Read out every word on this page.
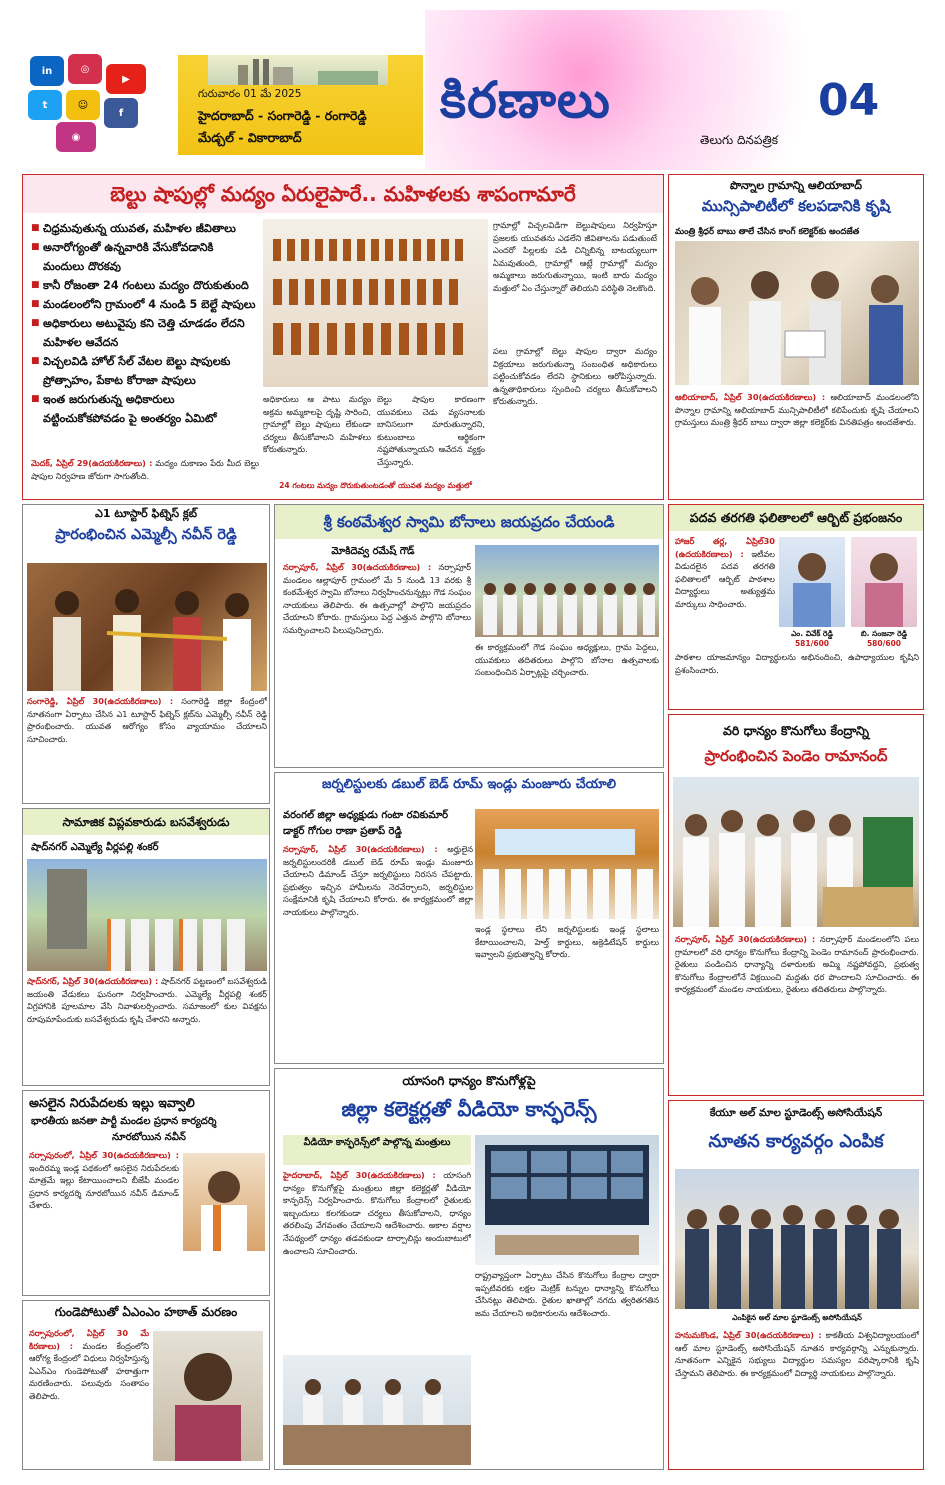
in	◎
▶
t	☺
f
◉
గురువారం 01 మే 2025
హైదరాబాద్ - సంగారెడ్డి - రంగారెడ్డి
మేడ్చల్ - వికారాబాద్
కిరణాలు
తెలుగు దినపత్రిక
04
బెల్టు షాపుల్లో మద్యం ఏరులైపారే.. మహిళలకు శాపంగామారే
■ చిధ్రమవుతున్న యువత, మహిళల జీవితాలు
■ అనారోగ్యంతో ఉన్నవారికి వేసుకోవడానికి మందులు దొరకవు
■ కానీ రోజంతా 24 గంటలు మద్యం దొరుకుతుంది
■ మండలంలోని గ్రామంలో 4 నుండి 5 బెల్టే షాపులు
■ అధికారులు అటువైపు కని చెత్తి చూడడం లేదని మహిళల ఆవేదన
■ విచ్చలవిడి హోల్ సేల్ వేటల బెల్టు షాపులకు ప్రోత్సాహం, పేకాట కోరాజా షాపులు
■ ఇంత జరుగుతున్న అధికారులు వట్టించుకోకపోవడం పై అంతర్యం ఏమిటో
గ్రామాల్లో విచ్చలవిడిగా బెల్టుషాపులు నిర్వహిస్తూ ప్రజలకు యువతను ఎడలేని జీవితాలను పడుతుంటే ఎందరో పిల్లలకు పడి చిన్నిబిన్న బాటయ్యలుగా ఏమవుతుంది, గ్రామాల్లో ఆట్లే గ్రామాల్లో మద్యం అమ్మకాలు జరుగుతున్నాయి, ఇంటి బారు మద్యం మత్తులో ఏం చేస్తున్నారో తెలియని పరిస్థితి నెలకొంది.
అధికారులు ఆ పాటు మద్యం అక్రమ అమ్మకాలపై దృష్టి సారించి, గ్రామాల్లో బెల్టు షాపులు లేకుండా చర్యలు తీసుకోవాలని మహిళలు కోరుతున్నారు.
బెల్టు షాపుల కారణంగా యువకులు చెడు వ్యసనాలకు బానిసలుగా మారుతున్నారని, కుటుంబాలు ఆర్థికంగా నష్టపోతున్నాయని ఆవేదన వ్యక్తం చేస్తున్నారు.
పలు గ్రామాల్లో బెల్టు షాపుల ద్వారా మద్యం విక్రయాలు జరుగుతున్నా సంబంధిత అధికారులు పట్టించుకోవడం లేదని స్థానికులు ఆరోపిస్తున్నారు. ఉన్నతాధికారులు స్పందించి చర్యలు తీసుకోవాలని కోరుతున్నారు.
24 గంటలు మద్యం దొరుకుతుంటడంతో యువత మద్యం మత్తులో
మెదక్, ఏప్రిల్ 29(ఉదయకిరణాలు) : మద్యం దుకాణం పేరు మీద బెల్టు షాపుల నిర్వహణ జోరుగా సాగుతోంది.
పొన్నాల గ్రామాన్ని ఆలియాబాద్
మున్సిపాలిటీలో కలపడానికి కృషి
మంత్రి శ్రీధర్ బాబు తాలే చేసిన కాంగ్ కలెక్టర్‌కు అందజేత
ఆలియాబాద్, ఏప్రిల్ 30(ఉదయకిరణాలు) : ఆలియాబాద్ మండలంలోని పొన్నాల గ్రామాన్ని ఆలియాబాద్ మున్సిపాలిటీలో కలిపేందుకు కృషి చేయాలని గ్రామస్తులు మంత్రి శ్రీధర్ బాబు ద్వారా జిల్లా కలెక్టర్‌కు వినతిపత్రం అందజేశారు.
ఎ1 టూస్టార్ ఫిట్నెస్ క్లబ్
ప్రారంభించిన ఎమ్మెల్సీ నవీన్ రెడ్డి
సంగారెడ్డి, ఏప్రిల్ 30(ఉదయకిరణాలు) : సంగారెడ్డి జిల్లా కేంద్రంలో నూతనంగా ఏర్పాటు చేసిన ఎ1 టూస్టార్ ఫిట్నెస్ క్లబ్‌ను ఎమ్మెల్సీ నవీన్ రెడ్డి ప్రారంభించారు. యువత ఆరోగ్యం కోసం వ్యాయామం చేయాలని సూచించారు.
శ్రీ కంఠమేశ్వర స్వామి బోనాలు జయప్రదం చేయండి
మోకిదెవ్వ రమేష్ గౌడ్
నర్సాపూర్, ఏప్రిల్ 30(ఉదయకిరణాలు) : నర్సాపూర్ మండలం ఆల్లాపూర్ గ్రామంలో మే 5 నుండి 13 వరకు శ్రీ కంఠమేశ్వర స్వామి బోనాలు నిర్వహించనున్నట్లు గౌడ సంఘం నాయకులు తెలిపారు. ఈ ఉత్సవాల్లో పాల్గొని జయప్రదం చేయాలని కోరారు. గ్రామస్తులు పెద్ద ఎత్తున పాల్గొని బోనాలు సమర్పించాలని పిలుపునిచ్చారు.
ఈ కార్యక్రమంలో గౌడ సంఘం అధ్యక్షులు, గ్రామ పెద్దలు, యువకులు తదితరులు పాల్గొని బోనాల ఉత్సవాలకు సంబంధించిన ఏర్పాట్లపై చర్చించారు.
పదవ తరగతి ఫలితాలలో ఆర్బిట్ ప్రభంజనం
హాజర్ తర్ల, ఏప్రిల్30 (ఉదయకిరణాలు) : ఇటీవల విడుదలైన పదవ తరగతి ఫలితాలలో ఆర్బిట్ పాఠశాల విద్యార్థులు అత్యుత్తమ మార్కులు సాధించారు.
ఎం. వివేక్ రెడ్డి
581/600
బి. సంజనా రెడ్డి
580/600
పాఠశాల యాజమాన్యం విద్యార్థులను అభినందించి, ఉపాధ్యాయుల కృషిని ప్రశంసించారు.
వరి ధాన్యం కొనుగోలు కేంద్రాన్ని
ప్రారంభించిన పెండెం రామానంద్
నర్సాపూర్, ఏప్రిల్ 30(ఉదయకిరణాలు) : నర్సాపూర్ మండలంలోని పలు గ్రామాలలో వరి ధాన్యం కొనుగోలు కేంద్రాన్ని పెండెం రామానంద్ ప్రారంభించారు. రైతులు పండించిన ధాన్యాన్ని దళారులకు అమ్మి నష్టపోవద్దని, ప్రభుత్వ కొనుగోలు కేంద్రాలలోనే విక్రయించి మద్దతు ధర పొందాలని సూచించారు. ఈ కార్యక్రమంలో మండల నాయకులు, రైతులు తదితరులు పాల్గొన్నారు.
సామాజిక విప్లవకారుడు బసవేశ్వరుడు
షాద్‌నగర్ ఎమ్మెల్యే వీర్లపల్లి శంకర్
షాద్‌నగర్, ఏప్రిల్ 30(ఉదయకిరణాలు) : షాద్‌నగర్ పట్టణంలో బసవేశ్వరుడి జయంతి వేడుకలు ఘనంగా నిర్వహించారు. ఎమ్మెల్యే వీర్లపల్లి శంకర్ విగ్రహానికి పూలమాల వేసి నివాళులర్పించారు. సమాజంలో కుల వివక్షను రూపుమాపేందుకు బసవేశ్వరుడు కృషి చేశారని అన్నారు.
జర్నలిస్టులకు డబుల్ బెడ్ రూమ్ ఇండ్లు మంజూరు చేయాలి
వరంగల్ జిల్లా అధ్యక్షుడు గంటా రవికుమార్
డాక్టర్ గోగుల రాణా ప్రతాప్ రెడ్డి
నర్సాపూర్, ఏప్రిల్ 30(ఉదయకిరణాలు) : అర్హులైన జర్నలిస్టులందరికీ డబుల్ బెడ్ రూమ్ ఇండ్లు మంజూరు చేయాలని డిమాండ్ చేస్తూ జర్నలిస్టులు నిరసన చేపట్టారు. ప్రభుత్వం ఇచ్చిన హామీలను నెరవేర్చాలని, జర్నలిస్టుల సంక్షేమానికి కృషి చేయాలని కోరారు. ఈ కార్యక్రమంలో జిల్లా నాయకులు పాల్గొన్నారు.
ఇండ్ల స్థలాలు లేని జర్నలిస్టులకు ఇండ్ల స్థలాలు కేటాయించాలని, హెల్త్ కార్డులు, అక్రెడిటేషన్ కార్డులు ఇవ్వాలని ప్రభుత్వాన్ని కోరారు.
అసలైన నిరుపేదలకు ఇల్లు ఇవ్వాలి
భారతీయ జనతా పార్టీ మండల ప్రధాన కార్యదర్శి
నూరబోయిన నవీన్
నర్సాపురంలో, ఏప్రిల్ 30(ఉదయకిరణాలు) : ఇందిరమ్మ ఇండ్ల పథకంలో అసలైన నిరుపేదలకు మాత్రమే ఇల్లు కేటాయించాలని బీజేపీ మండల ప్రధాన కార్యదర్శి నూరబోయిన నవీన్ డిమాండ్ చేశారు.
గుండెపోటుతో ఏఎంఎం హఠాత్ మరణం
నర్సాపురంలో, ఏప్రిల్ 30 మే కిరణాలు) : మండల కేంద్రంలోని ఆరోగ్య కేంద్రంలో విధులు నిర్వహిస్తున్న ఏఎన్ఎం గుండెపోటుతో హఠాత్తుగా మరణించారు. పలువురు సంతాపం తెలిపారు.
యాసంగి ధాన్యం కొనుగోళ్లపై
జిల్లా కలెక్టర్లతో వీడియో కాన్ఫరెన్స్
వీడియో కాన్ఫరెన్స్‌లో పాల్గొన్న మంత్రులు
హైదరాబాద్, ఏప్రిల్ 30(ఉదయకిరణాలు) : యాసంగి ధాన్యం కొనుగోళ్లపై మంత్రులు జిల్లా కలెక్టర్లతో వీడియో కాన్ఫరెన్స్ నిర్వహించారు. కొనుగోలు కేంద్రాలలో రైతులకు ఇబ్బందులు కలగకుండా చర్యలు తీసుకోవాలని, ధాన్యం తరలింపు వేగవంతం చేయాలని ఆదేశించారు. అకాల వర్షాల నేపథ్యంలో ధాన్యం తడవకుండా టార్పాలిన్లు అందుబాటులో ఉంచాలని సూచించారు.
రాష్ట్రవ్యాప్తంగా ఏర్పాటు చేసిన కొనుగోలు కేంద్రాల ద్వారా ఇప్పటివరకు లక్షల మెట్రిక్ టన్నుల ధాన్యాన్ని కొనుగోలు చేసినట్లు తెలిపారు. రైతుల ఖాతాల్లో నగదు త్వరితగతిన జమ చేయాలని అధికారులను ఆదేశించారు.
కేయూ అల్ మాల స్టూడెంట్స్ అసోసియేషన్
నూతన కార్యవర్గం ఎంపిక
ఎంపికైన అల్ మాల స్టూడెంట్స్ అసోసియేషన్
హనుమకొండ, ఏప్రిల్ 30(ఉదయకిరణాలు) : కాకతీయ విశ్వవిద్యాలయంలో ఆల్ మాల స్టూడెంట్స్ అసోసియేషన్ నూతన కార్యవర్గాన్ని ఎన్నుకున్నారు. నూతనంగా ఎన్నికైన సభ్యులు విద్యార్థుల సమస్యల పరిష్కారానికి కృషి చేస్తామని తెలిపారు. ఈ కార్యక్రమంలో విద్యార్థి నాయకులు పాల్గొన్నారు.
